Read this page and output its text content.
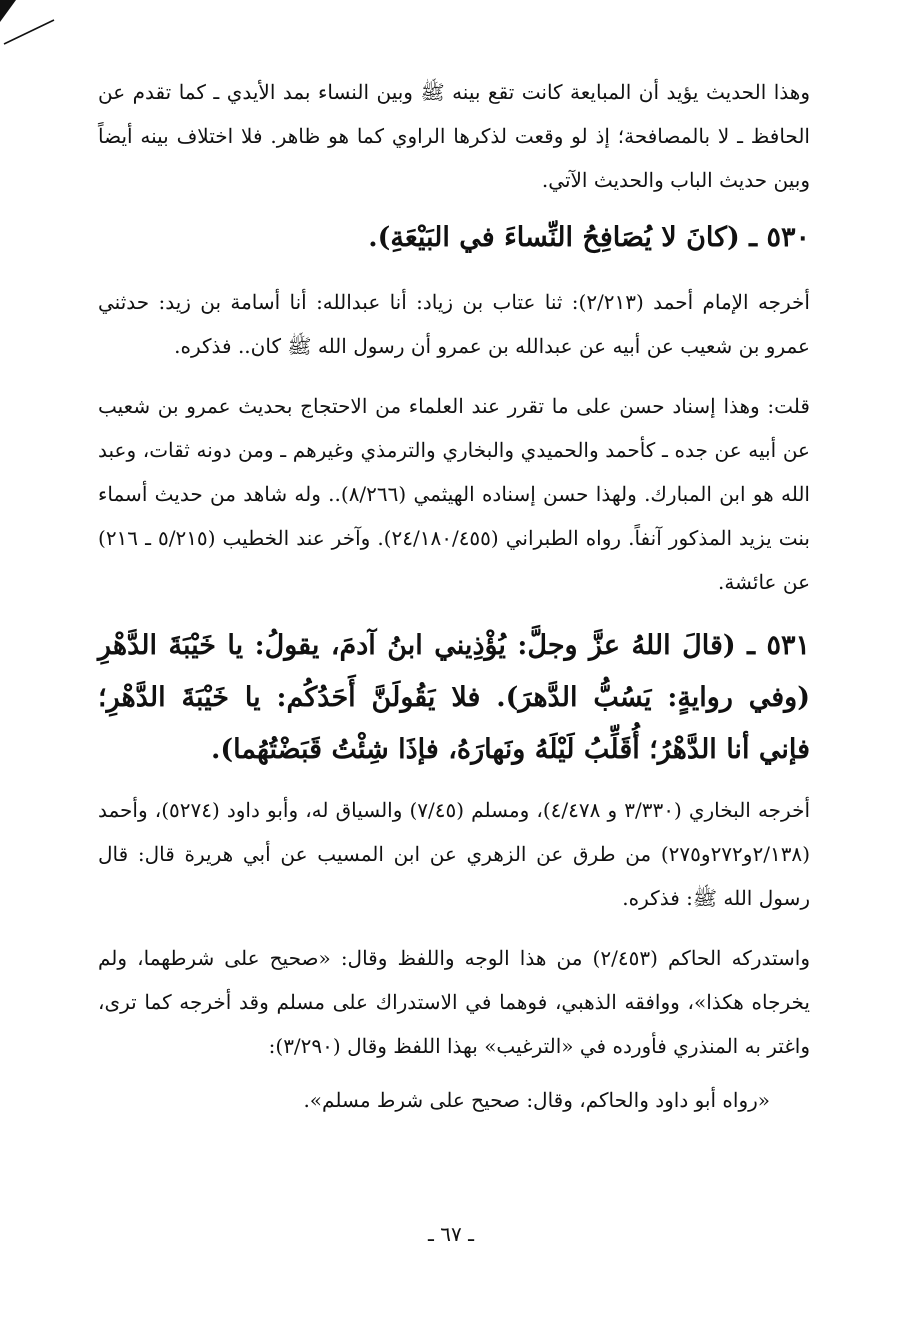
وهذا الحديث يؤيد أن المبايعة كانت تقع بينه ﷺ وبين النساء بمد الأيدي ـ كما تقدم عن الحافظ ـ لا بالمصافحة؛ إذ لو وقعت لذكرها الراوي كما هو ظاهر. فلا اختلاف بينه أيضاً وبين حديث الباب والحديث الآتي.

٥٣٠ ـ (كانَ لا يُصَافِحُ النِّساءَ في البَيْعَةِ).

أخرجه الإمام أحمد (٢/٢١٣): ثنا عتاب بن زياد: أنا عبدالله: أنا أسامة بن زيد: حدثني عمرو بن شعيب عن أبيه عن عبدالله بن عمرو أن رسول الله ﷺ كان.. فذكره.

قلت: وهذا إسناد حسن على ما تقرر عند العلماء من الاحتجاج بحديث عمرو بن شعيب عن أبيه عن جده ـ كأحمد والحميدي والبخاري والترمذي وغيرهم ـ ومن دونه ثقات، وعبد الله هو ابن المبارك. ولهذا حسن إسناده الهيثمي (٨/٢٦٦).. وله شاهد من حديث أسماء بنت يزيد المذكور آنفاً. رواه الطبراني (٢٤/١٨٠/٤٥٥). وآخر عند الخطيب (٥/٢١٥ ـ ٢١٦) عن عائشة.

٥٣١ ـ (قالَ اللهُ عزَّ وجلَّ: يُؤْذِيني ابنُ آدمَ، يقولُ: يا خَيْبَةَ الدَّهْرِ (وفي روايةٍ: يَسُبُّ الدَّهرَ). فلا يَقُولَنَّ أَحَدُكُم: يا خَيْبَةَ الدَّهْرِ؛ فإني أنا الدَّهْرُ؛ أُقَلِّبُ لَيْلَهُ ونَهارَهُ، فإذَا شِئْتُ قَبَضْتُهُما).

أخرجه البخاري (٣/٣٣٠ و ٤/٤٧٨)، ومسلم (٧/٤٥) والسياق له، وأبو داود (٥٢٧٤)، وأحمد (٢/١٣٨و٢٧٢و٢٧٥) من طرق عن الزهري عن ابن المسيب عن أبي هريرة قال: قال رسول الله ﷺ: فذكره.

واستدركه الحاكم (٢/٤٥٣) من هذا الوجه واللفظ وقال: «صحيح على شرطهما، ولم يخرجاه هكذا»، ووافقه الذهبي، فوهما في الاستدراك على مسلم وقد أخرجه كما ترى، واغتر به المنذري فأورده في «الترغيب» بهذا اللفظ وقال (٣/٢٩٠):

«رواه أبو داود والحاكم، وقال: صحيح على شرط مسلم».

ـ ٦٧ ـ
